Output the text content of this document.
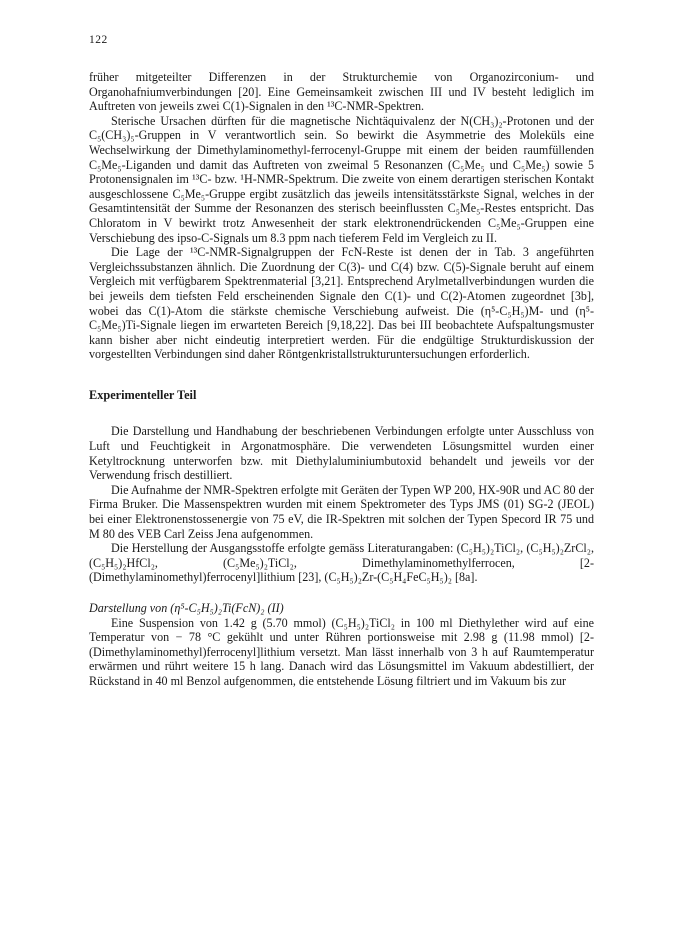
122

früher mitgeteilter Differenzen in der Strukturchemie von Organozirconium- und Organohafniumverbindungen [20]. Eine Gemeinsamkeit zwischen III und IV besteht lediglich im Auftreten von jeweils zwei C(1)-Signalen in den ¹³C-NMR-Spektren.

Sterische Ursachen dürften für die magnetische Nichtäquivalenz der N(CH₃)₂-Protonen und der C₅(CH₃)₅-Gruppen in V verantwortlich sein. So bewirkt die Asymmetrie des Moleküls eine Wechselwirkung der Dimethylaminomethyl-ferrocenyl-Gruppe mit einem der beiden raumfüllenden C₅Me₅-Liganden und damit das Auftreten von zweimal 5 Resonanzen (C₅Me₅ und C₅Me₅) sowie 5 Protonensignalen im ¹³C- bzw. ¹H-NMR-Spektrum. Die zweite von einem derartigen sterischen Kontakt ausgeschlossene C₅Me₅-Gruppe ergibt zusätzlich das jeweils intensitätsstärkste Signal, welches in der Gesamtintensität der Summe der Resonanzen des sterisch beeinflussten C₅Me₅-Restes entspricht. Das Chloratom in V bewirkt trotz Anwesenheit der stark elektronendrückenden C₅Me₅-Gruppen eine Verschiebung des ipso-C-Signals um 8.3 ppm nach tieferem Feld im Vergleich zu II.

Die Lage der ¹³C-NMR-Signalgruppen der FcN-Reste ist denen der in Tab. 3 angeführten Vergleichssubstanzen ähnlich. Die Zuordnung der C(3)- und C(4) bzw. C(5)-Signale beruht auf einem Vergleich mit verfügbarem Spektrenmaterial [3,21]. Entsprechend Arylmetallverbindungen wurden die bei jeweils dem tiefsten Feld erscheinenden Signale den C(1)- und C(2)-Atomen zugeordnet [3b], wobei das C(1)-Atom die stärkste chemische Verschiebung aufweist. Die (η⁵-C₅H₅)M- und (η⁵-C₅Me₅)Ti-Signale liegen im erwarteten Bereich [9,18,22]. Das bei III beobachtete Aufspaltungsmuster kann bisher aber nicht eindeutig interpretiert werden. Für die endgültige Strukturdiskussion der vorgestellten Verbindungen sind daher Röntgenkristallstrukturuntersuchungen erforderlich.

Experimenteller Teil

Die Darstellung und Handhabung der beschriebenen Verbindungen erfolgte unter Ausschluss von Luft und Feuchtigkeit in Argonatmosphäre. Die verwendeten Lösungsmittel wurden einer Ketyltrocknung unterworfen bzw. mit Diethylaluminiumbutoxid behandelt und jeweils vor der Verwendung frisch destilliert.

Die Aufnahme der NMR-Spektren erfolgte mit Geräten der Typen WP 200, HX-90R und AC 80 der Firma Bruker. Die Massenspektren wurden mit einem Spektrometer des Typs JMS (01) SG-2 (JEOL) bei einer Elektronenstossenergie von 75 eV, die IR-Spektren mit solchen der Typen Specord IR 75 und M 80 des VEB Carl Zeiss Jena aufgenommen.

Die Herstellung der Ausgangsstoffe erfolgte gemäss Literaturangaben: (C₅H₅)₂TiCl₂, (C₅H₅)₂ZrCl₂, (C₅H₅)₂HfCl₂, (C₅Me₅)₂TiCl₂, Dimethylaminomethylferrocen, [2-(Dimethylaminomethyl)ferrocenyl]lithium [23], (C₅H₅)₂Zr-(C₅H₄FeC₅H₅)₂ [8a].

Darstellung von (η⁵-C₅H₅)₂Ti(FcN)₂ (II)

Eine Suspension von 1.42 g (5.70 mmol) (C₅H₅)₂TiCl₂ in 100 ml Diethylether wird auf eine Temperatur von − 78 °C gekühlt und unter Rühren portionsweise mit 2.98 g (11.98 mmol) [2-(Dimethylaminomethyl)ferrocenyl]lithium versetzt. Man lässt innerhalb von 3 h auf Raumtemperatur erwärmen und rührt weitere 15 h lang. Danach wird das Lösungsmittel im Vakuum abdestilliert, der Rückstand in 40 ml Benzol aufgenommen, die entstehende Lösung filtriert und im Vakuum bis zur
